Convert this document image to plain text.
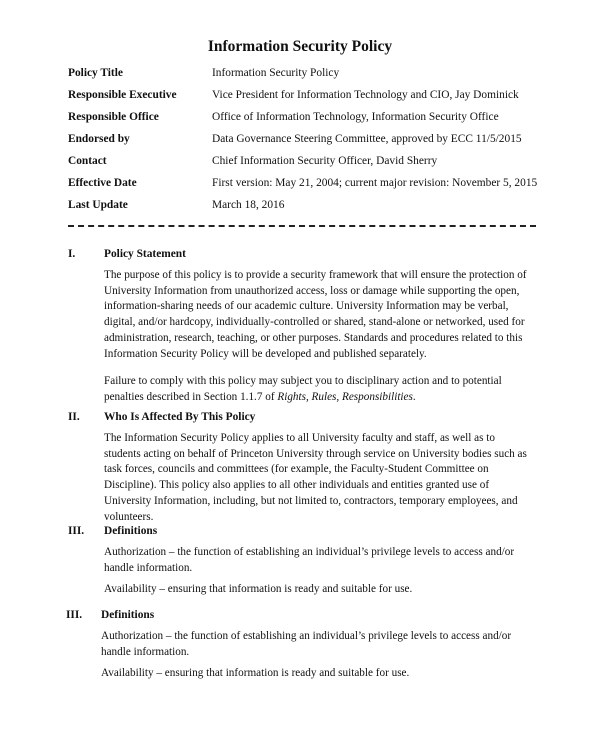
Information Security Policy
Policy Title	Information Security Policy
Responsible Executive	Vice President for Information Technology and CIO, Jay Dominick
Responsible Office	Office of Information Technology, Information Security Office
Endorsed by	Data Governance Steering Committee, approved by ECC 11/5/2015
Contact	Chief Information Security Officer, David Sherry
Effective Date	First version: May 21, 2004; current major revision: November 5, 2015
Last Update	March 18, 2016
I.	Policy Statement
The purpose of this policy is to provide a security framework that will ensure the protection of University Information from unauthorized access, loss or damage while supporting the open, information-sharing needs of our academic culture. University Information may be verbal, digital, and/or hardcopy, individually-controlled or shared, stand-alone or networked, used for administration, research, teaching, or other purposes. Standards and procedures related to this Information Security Policy will be developed and published separately.
Failure to comply with this policy may subject you to disciplinary action and to potential penalties described in Section 1.1.7 of Rights, Rules, Responsibilities.
II. Who Is Affected By This Policy
The Information Security Policy applies to all University faculty and staff, as well as to students acting on behalf of Princeton University through service on University bodies such as task forces, councils and committees (for example, the Faculty-Student Committee on Discipline). This policy also applies to all other individuals and entities granted use of University Information, including, but not limited to, contractors, temporary employees, and volunteers.
III. Definitions
Authorization – the function of establishing an individual’s privilege levels to access and/or handle information.
Availability – ensuring that information is ready and suitable for use.
III. Definitions
Authorization – the function of establishing an individual’s privilege levels to access and/or handle information.
Availability – ensuring that information is ready and suitable for use.
